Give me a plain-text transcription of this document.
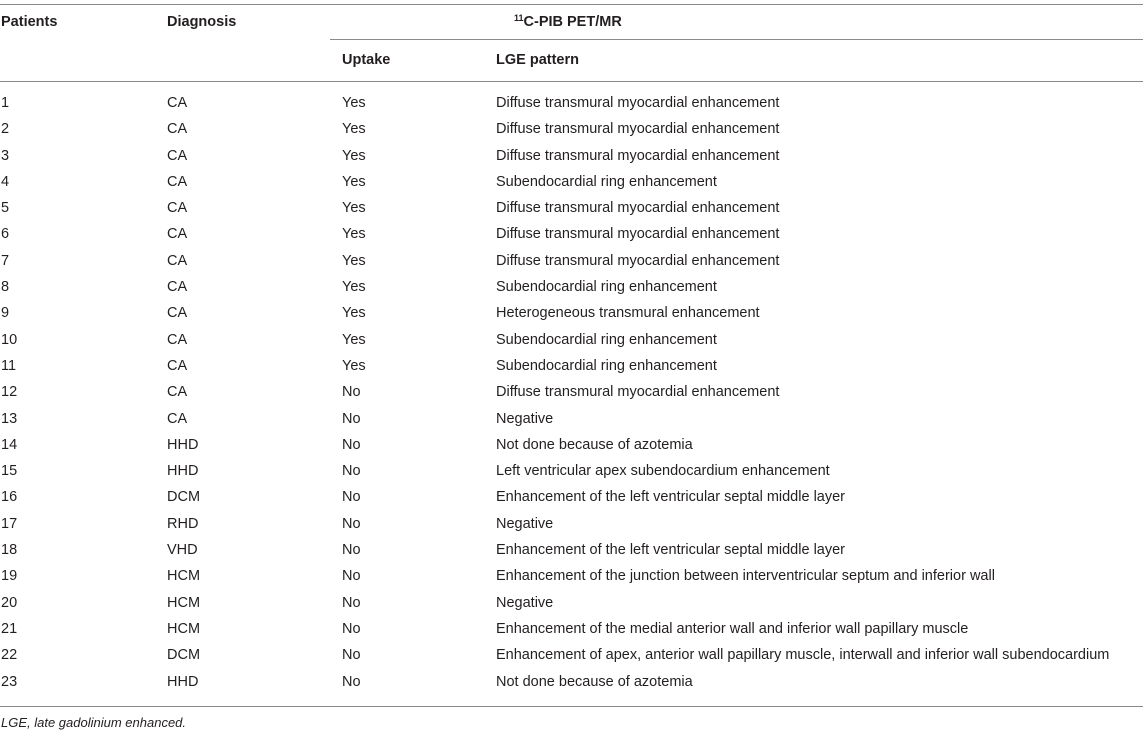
Patients	Diagnosis	$^{11}$C-PIB PET/MR
Uptake	LGE pattern
1	CA	Yes	Diffuse transmural myocardial enhancement
2	CA	Yes	Diffuse transmural myocardial enhancement
3	CA	Yes	Diffuse transmural myocardial enhancement
4	CA	Yes	Subendocardial ring enhancement
5	CA	Yes	Diffuse transmural myocardial enhancement
6	CA	Yes	Diffuse transmural myocardial enhancement
7	CA	Yes	Diffuse transmural myocardial enhancement
8	CA	Yes	Subendocardial ring enhancement
9	CA	Yes	Heterogeneous transmural enhancement
10	CA	Yes	Subendocardial ring enhancement
11	CA	Yes	Subendocardial ring enhancement
12	CA	No	Diffuse transmural myocardial enhancement
13	CA	No	Negative
14	HHD	No	Not done because of azotemia
15	HHD	No	Left ventricular apex subendocardium enhancement
16	DCM	No	Enhancement of the left ventricular septal middle layer
17	RHD	No	Negative
18	VHD	No	Enhancement of the left ventricular septal middle layer
19	HCM	No	Enhancement of the junction between interventricular septum and inferior wall
20	HCM	No	Negative
21	HCM	No	Enhancement of the medial anterior wall and inferior wall papillary muscle
22	DCM	No	Enhancement of apex, anterior wall papillary muscle, interwall and inferior wall subendocardium
23	HHD	No	Not done because of azotemia
LGE, late gadolinium enhanced.
